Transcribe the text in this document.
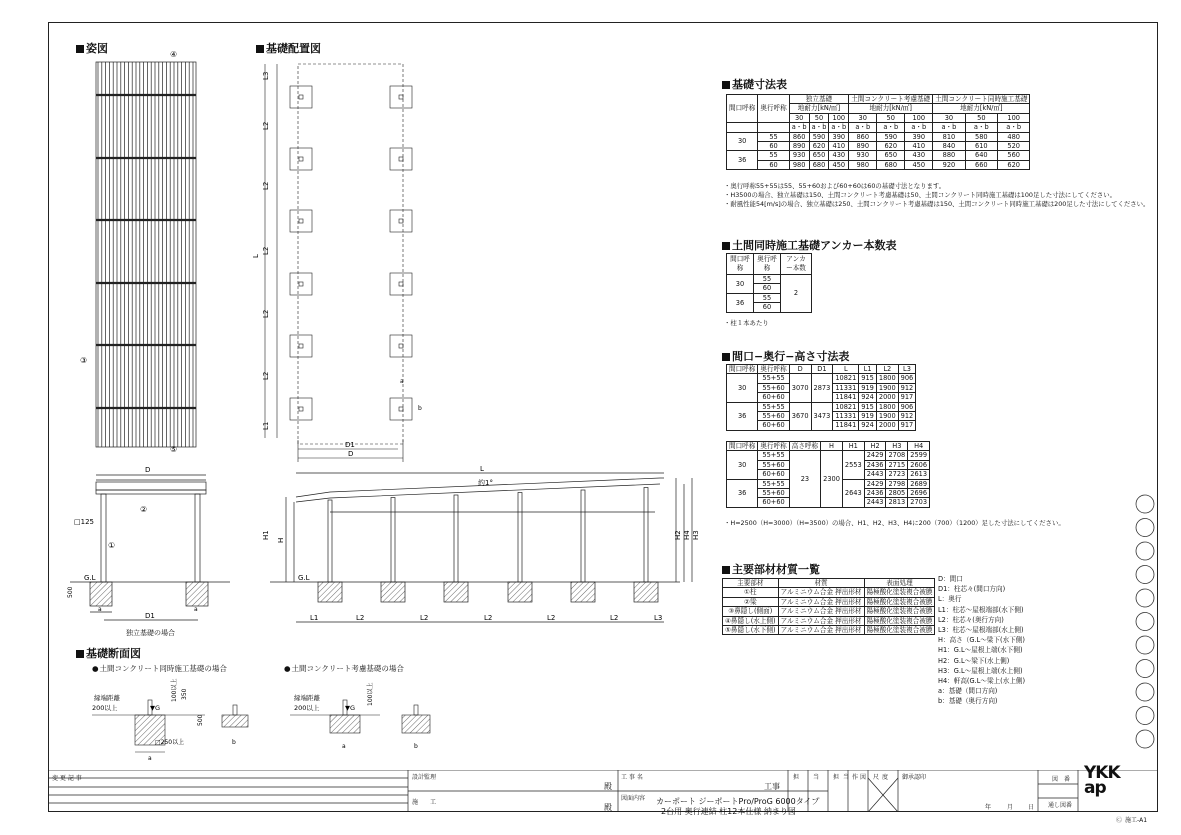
姿図	基礎配置図
基礎断面図
● 土間コンクリート同時施工基礎の場合	● 土間コンクリート考慮基礎の場合
独立基礎の場合
④
③
⑤
L3
L2
L2
L2
L2
L2
L1
L
D1
D
a
b
D
D1
□125
②
①
G.L
500
a	a
L
約1°
H1
H
H2 H4 H3
G.L
L1	L2	L2	L2	L2	L2	L3
縁端距離
200以上	▼G
100以上 350
500
□250以上
a
b
縁端距離
200以上	▼G
100以上
a	b
基礎寸法表
間口呼称	奥行呼称	独立基礎			土間コンクリート考慮基礎			土間コンクリート同時施工基礎		
		地耐力[kN/㎡]			地耐力[kN/㎡]			地耐力[kN/㎡]		
		30	50	100	30	50	100	30	50	100
		a・b	a・b	a・b	a・b	a・b	a・b	a・b	a・b	a・b
30	55	860	590	390	860	590	390	810	580	480
	60	890	620	410	890	620	410	840	610	520
36	55	930	650	430	930	650	430	880	640	560
	60	980	680	450	980	680	450	920	660	620
・奥行呼称55+55は55、55+60および60+60は60の基礎寸法となります。
・H3500の場合、独立基礎は150、土間コンクリート考慮基礎は50、土間コンクリート同時施工基礎は100足した寸法にしてください。
・耐風性能54[m/s]の場合、独立基礎は250、土間コンクリート考慮基礎は150、土間コンクリート同時施工基礎は200足した寸法にしてください。
土間同時施工基礎アンカー本数表
間口呼称	奥行呼称	アンカー本数
30	55	2
	60	
36	55	
	60	
・柱１本あたり
間口−奥行−高さ寸法表
間口呼称	奥行呼称	D	D1	L	L1	L2	L3
30	55+55	3070	2873	10821	915	1800	906
	55+60			11331	919	1900	912
	60+60			11841	924	2000	917
36	55+55	3670	3473	10821	915	1800	906
	55+60			11331	919	1900	912
	60+60			11841	924	2000	917
間口呼称	奥行呼称	高さ呼称	H	H1	H2	H3	H4
30	55+55	23	2300	2553	2429	2708	2599
	55+60				2436	2715	2606
	60+60				2443	2723	2613
36	55+55			2643	2429	2798	2689
	55+60				2436	2805	2696
	60+60				2443	2813	2703
・H=2500（H=3000）（H=3500）の場合、H1、H2、H3、H4に200（700）（1200）足した寸法にしてください。
主要部材材質一覧
主要部材	材質	表面処理
①柱	アルミニウム合金 押出形材	陽極酸化塗装複合被膜
②梁	アルミニウム合金 押出形材	陽極酸化塗装複合被膜
③鼻隠し(側面)	アルミニウム合金 押出形材	陽極酸化塗装複合被膜
④鼻隠し(水上側)	アルミニウム合金 押出形材	陽極酸化塗装複合被膜
⑤鼻隠し(水下側)	アルミニウム合金 押出形材	陽極酸化塗装複合被膜
D：間口
D1：柱芯々(間口方向)
L：奥行
L1：柱芯〜屋根端部(水下側)
L2：柱芯々(奥行方向)
L3：柱芯〜屋根端部(水上側)
H：高さ（G.L〜梁下(水下側)
H1：G.L〜屋根上端(水下側)
H2：G.L〜梁下(水上側)
H3：G.L〜屋根上端(水上側)
H4：軒高(G.L〜梁上(水上側)
a：基礎（間口方向)
b：基礎（奥行方向)
変 更 記 事	設計監理
施　　工
殿
殿
工 事 名
工事
図面内容 カーポート ジーポートPro/ProG 6000タイプ
2台用 奥行連結 柱12本仕様 納まり図
担 当 担 当 作 図 尺 度 御承認印
年	月 日
図　番
通し図番
YKK ap
Ⓒ 施工-A1
